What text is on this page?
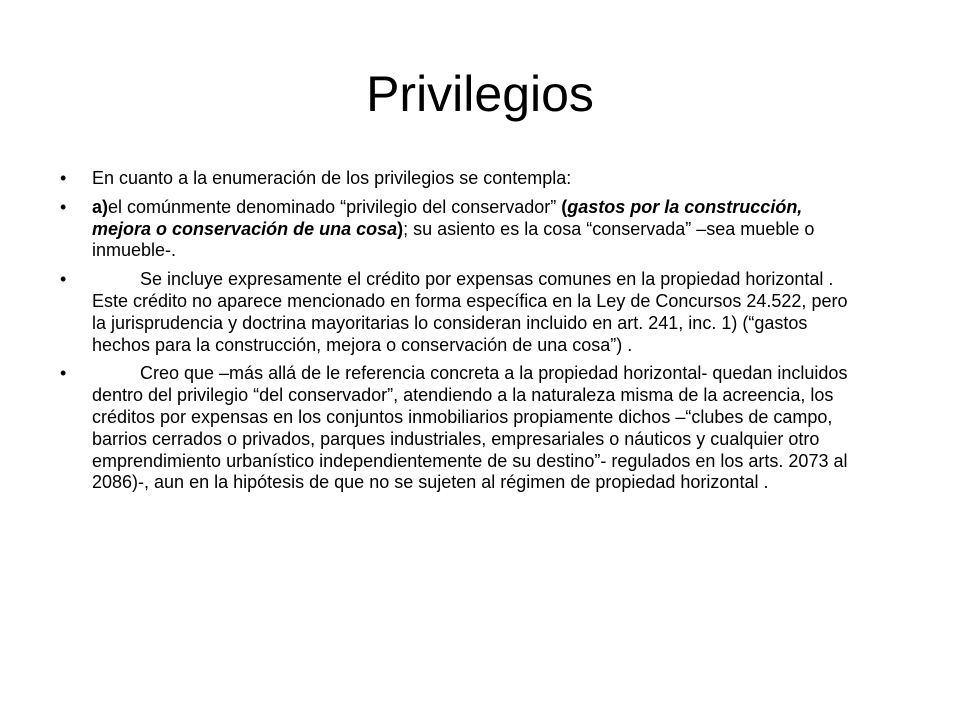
Privilegios
•	En cuanto a la enumeración de los privilegios se contempla:
•	a)el comúnmente denominado “privilegio del conservador” (gastos por la construcción, mejora o conservación de una cosa); su asiento es la cosa “conservada” –sea mueble o inmueble-.
•	Se incluye expresamente el crédito por expensas comunes en la propiedad horizontal . Este crédito no aparece mencionado en forma específica en la Ley de Concursos 24.522, pero la jurisprudencia y doctrina mayoritarias lo consideran incluido en art. 241, inc. 1) (“gastos hechos para la construcción, mejora o conservación de una cosa”) .
•	Creo que –más allá de le referencia concreta a la propiedad horizontal- quedan incluidos dentro del privilegio “del conservador”, atendiendo a la naturaleza misma de la acreencia, los créditos por expensas en los conjuntos inmobiliarios propiamente dichos –“clubes de campo, barrios cerrados o privados, parques industriales, empresariales o náuticos y cualquier otro emprendimiento urbanístico independientemente de su destino”- regulados en los arts. 2073 al 2086)-, aun en la hipótesis de que no se sujeten al régimen de propiedad horizontal .
